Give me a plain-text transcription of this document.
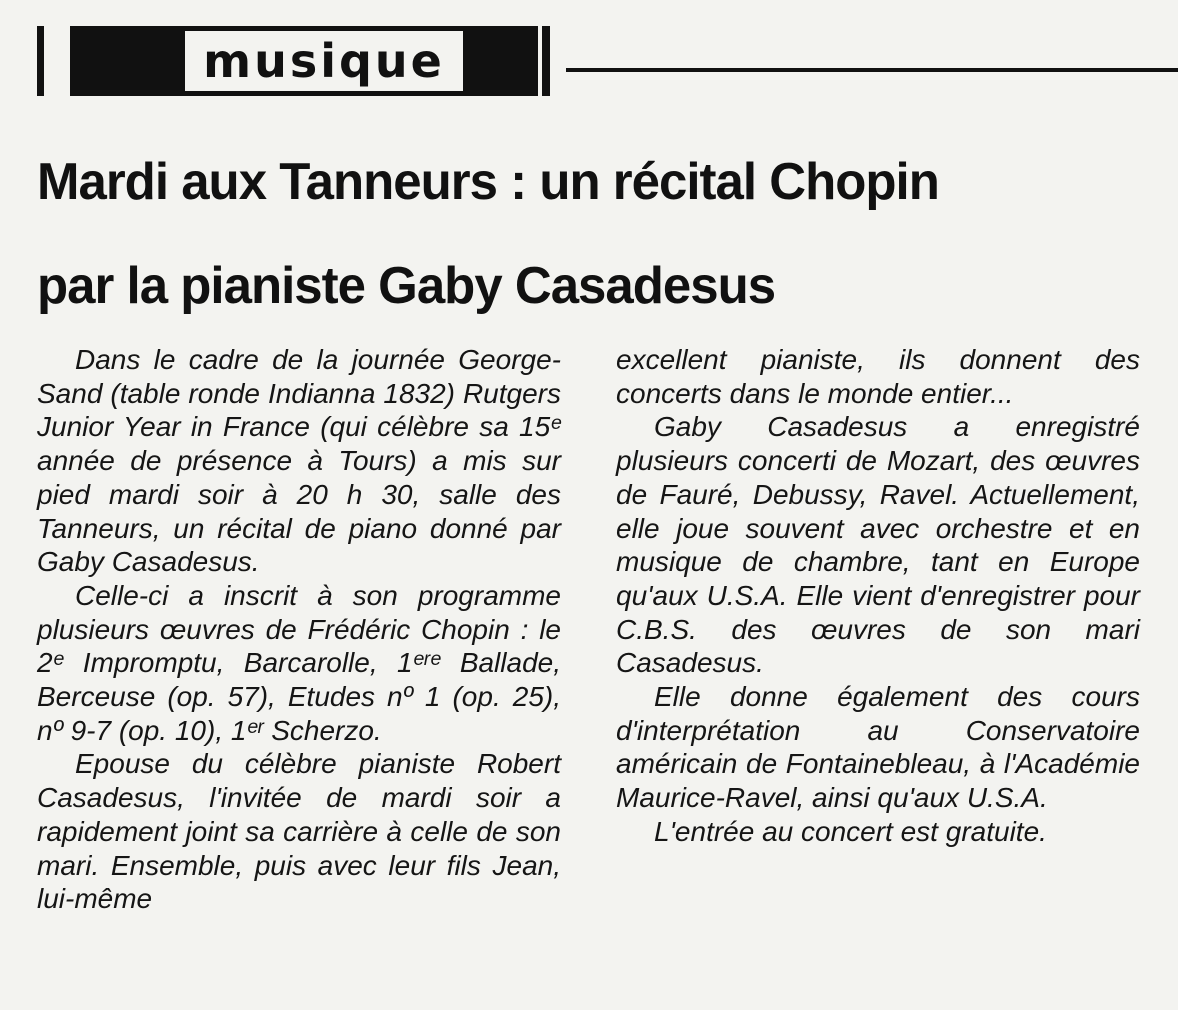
musique
Mardi aux Tanneurs : un récital Chopin
par la pianiste Gaby Casadesus

Dans le cadre de la journée George-Sand (table ronde Indianna 1832) Rutgers Junior Year in France (qui célèbre sa 15ᵉ année de présence à Tours) a mis sur pied mardi soir à 20 h 30, salle des Tanneurs, un récital de piano donné par Gaby Casadesus.

Celle-ci a inscrit à son programme plusieurs œuvres de Frédéric Chopin : le 2ᵉ Impromptu, Barcarolle, 1ᵉʳᵉ Ballade, Berceuse (op. 57), Etudes nº 1 (op. 25), nº 9-7 (op. 10), 1ᵉʳ Scherzo.

Epouse du célèbre pianiste Robert Casadesus, l'invitée de mardi soir a rapidement joint sa carrière à celle de son mari. Ensemble, puis avec leur fils Jean, lui-même

excellent pianiste, ils donnent des concerts dans le monde entier...

Gaby Casadesus a enregistré plusieurs concerti de Mozart, des œuvres de Fauré, Debussy, Ravel. Actuellement, elle joue souvent avec orchestre et en musique de chambre, tant en Europe qu'aux U.S.A. Elle vient d'enregistrer pour C.B.S. des œuvres de son mari Casadesus.

Elle donne également des cours d'interprétation au Conservatoire américain de Fontainebleau, à l'Académie Maurice-Ravel, ainsi qu'aux U.S.A.

L'entrée au concert est gratuite.
